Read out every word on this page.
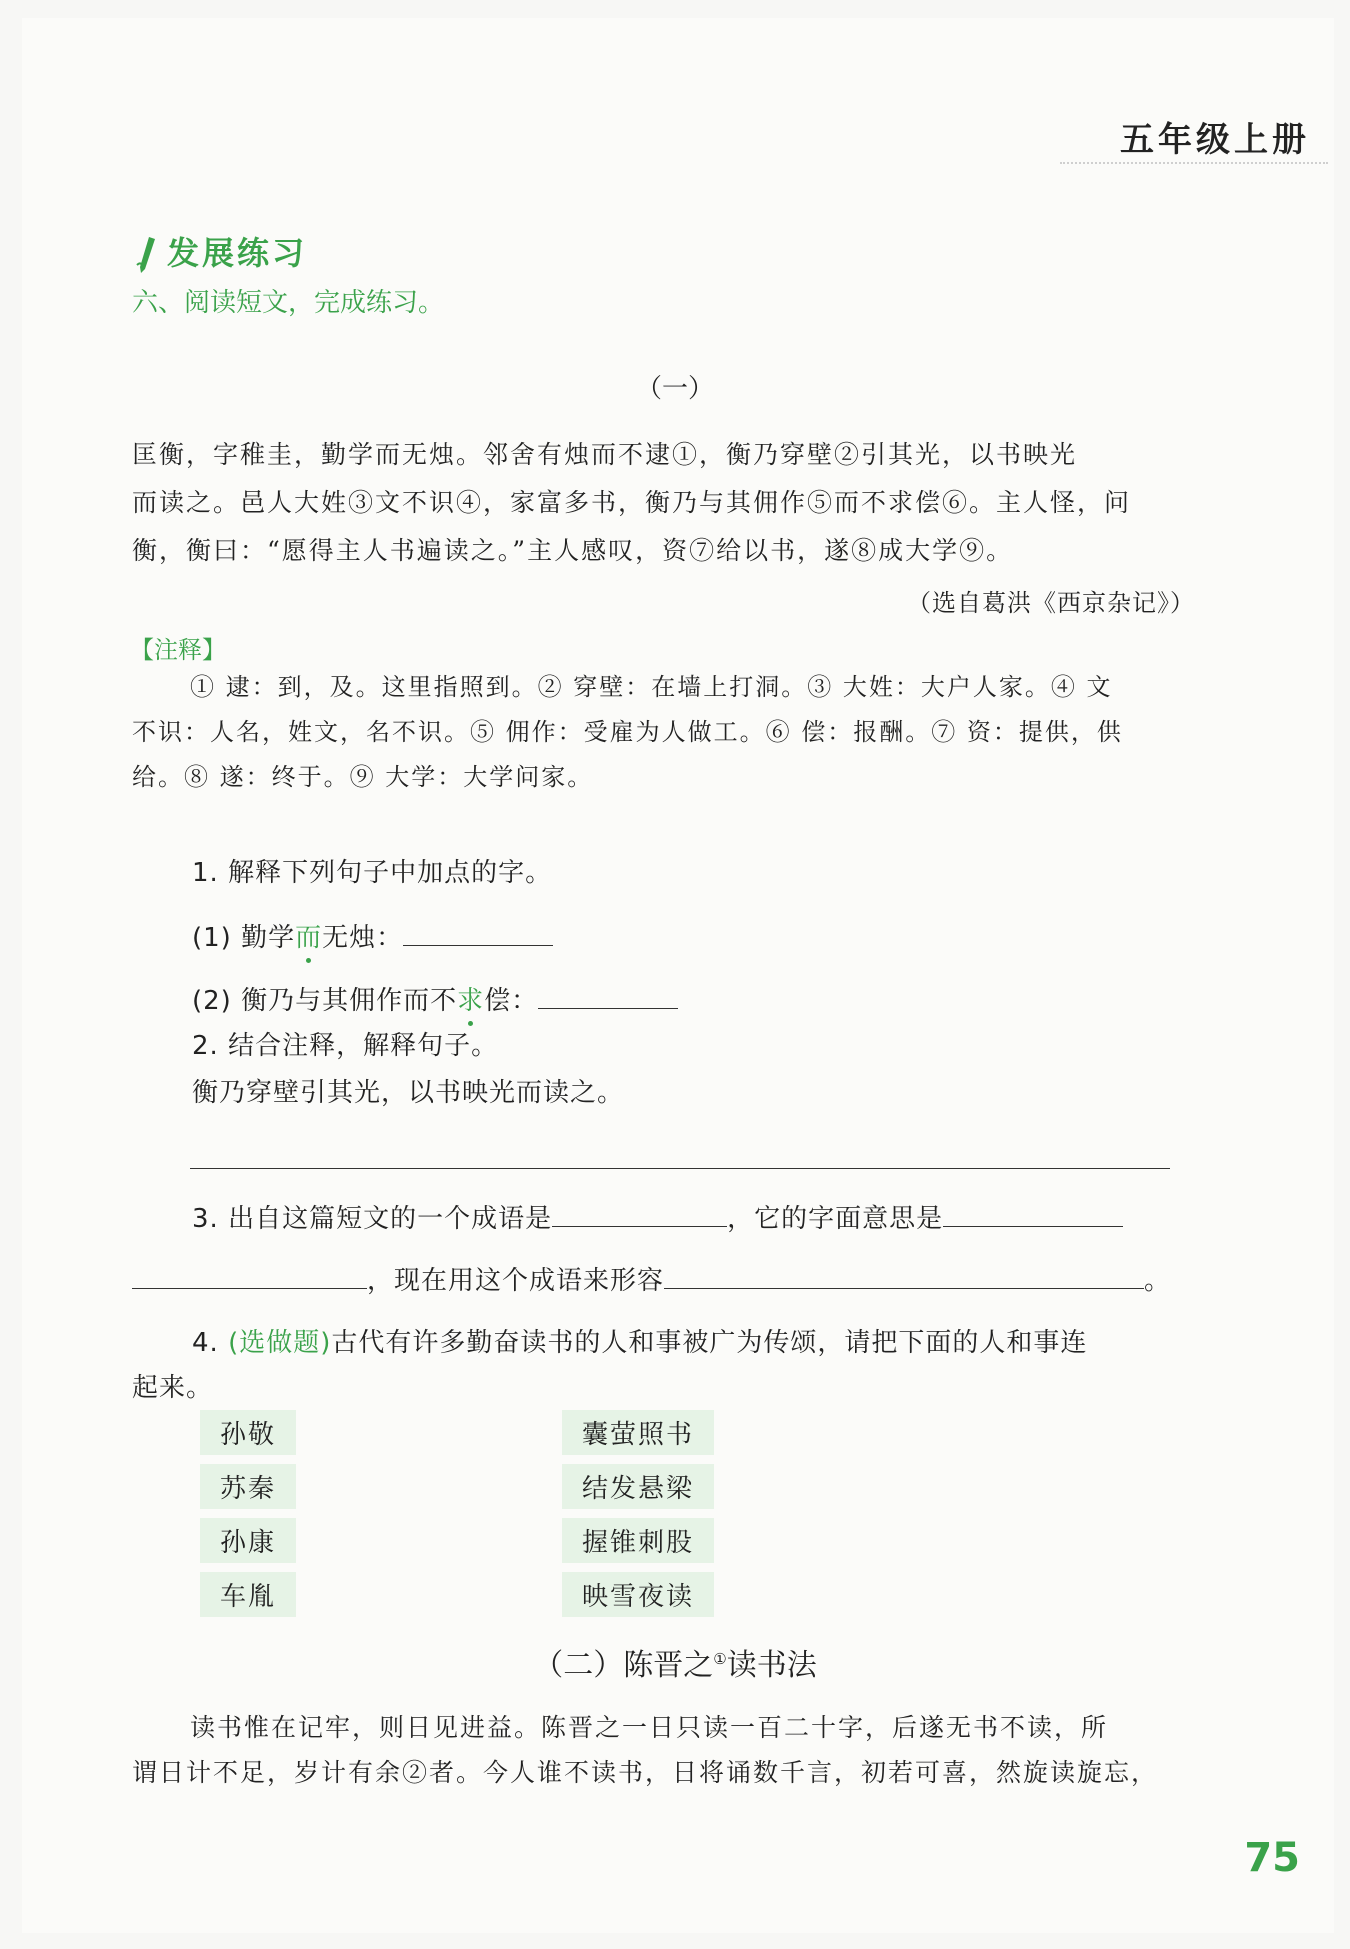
五年级上册
发展练习
六、阅读短文，完成练习。
（一）
匡衡，字稚圭，勤学而无烛。邻舍有烛而不逮①，衡乃穿壁②引其光，以书映光
而读之。邑人大姓③文不识④，家富多书，衡乃与其佣作⑤而不求偿⑥。主人怪，问
衡，衡曰：“愿得主人书遍读之。”主人感叹，资⑦给以书，遂⑧成大学⑨。
（选自葛洪《西京杂记》）
【注释】
① 逮：到，及。这里指照到。② 穿壁：在墙上打洞。③ 大姓：大户人家。④ 文
不识：人名，姓文，名不识。⑤ 佣作：受雇为人做工。⑥ 偿：报酬。⑦ 资：提供，供
给。⑧ 遂：终于。⑨ 大学：大学问家。
1. 解释下列句子中加点的字。
(1) 勤学而无烛：
(2) 衡乃与其佣作而不求偿：
2. 结合注释，解释句子。
衡乃穿壁引其光，以书映光而读之。
3. 出自这篇短文的一个成语是	，它的字面意思是
，现在用这个成语来形容	。
4. (选做题)古代有许多勤奋读书的人和事被广为传颂，请把下面的人和事连
起来。
孙敬
苏秦
孙康
车胤
囊萤照书
结发悬梁
握锥刺股
映雪夜读
（二）陈晋之①读书法
读书惟在记牢，则日见进益。陈晋之一日只读一百二十字，后遂无书不读，所
谓日计不足，岁计有余②者。今人谁不读书，日将诵数千言，初若可喜，然旋读旋忘，
75
